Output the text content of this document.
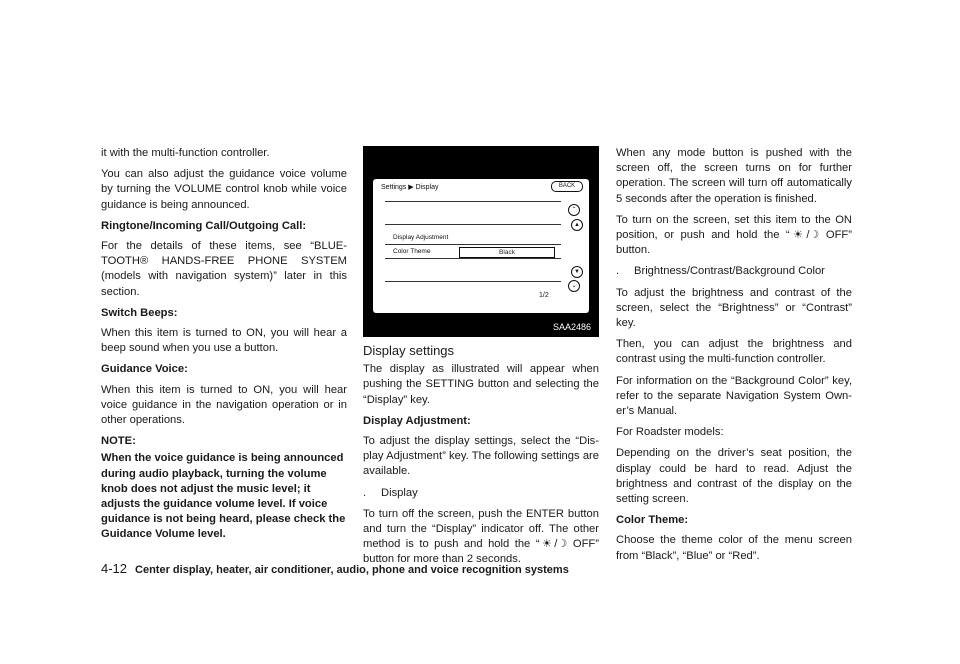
it with the multi-function controller.

You can also adjust the guidance voice volume by turning the VOLUME control knob while voice guidance is being announced.

Ringtone/Incoming Call/Outgoing Call:

For the details of these items, see “BLUE-TOOTH® HANDS-FREE PHONE SYSTEM (models with navigation system)” later in this section.

Switch Beeps:

When this item is turned to ON, you will hear a beep sound when you use a button.

Guidance Voice:

When this item is turned to ON, you will hear voice guidance in the navigation operation or in other operations.

NOTE:

When the voice guidance is being announced during audio playback, turning the volume knob does not adjust the music level; it adjusts the guidance volume level. If voice guidance is not being heard, please check the Guidance Volume level.

Settings ▶ Display	BACK
Display Adjustment
Color Theme	Black
⌃
▲
▼
⌄
1/2
SAA2486

Display settings

The display as illustrated will appear when pushing the SETTING button and selecting the “Display” key.

Display Adjustment:

To adjust the display settings, select the “Dis-play Adjustment” key. The following settings are available.

.	Display

To turn off the screen, push the ENTER button and turn the “Display” indicator off. The other method is to push and hold the “☀/☽ OFF” button for more than 2 seconds.

When any mode button is pushed with the screen off, the screen turns on for further operation. The screen will turn off automatically 5 seconds after the operation is finished.

To turn on the screen, set this item to the ON position, or push and hold the “☀/☽ OFF” button.

.	Brightness/Contrast/Background Color

To adjust the brightness and contrast of the screen, select the “Brightness” or “Contrast” key.

Then, you can adjust the brightness and contrast using the multi-function controller.

For information on the “Background Color” key, refer to the separate Navigation System Own-er’s Manual.

For Roadster models:

Depending on the driver’s seat position, the display could be hard to read. Adjust the brightness and contrast of the display on the setting screen.

Color Theme:

Choose the theme color of the menu screen from “Black”, “Blue” or “Red”.

4-12 Center display, heater, air conditioner, audio, phone and voice recognition systems
